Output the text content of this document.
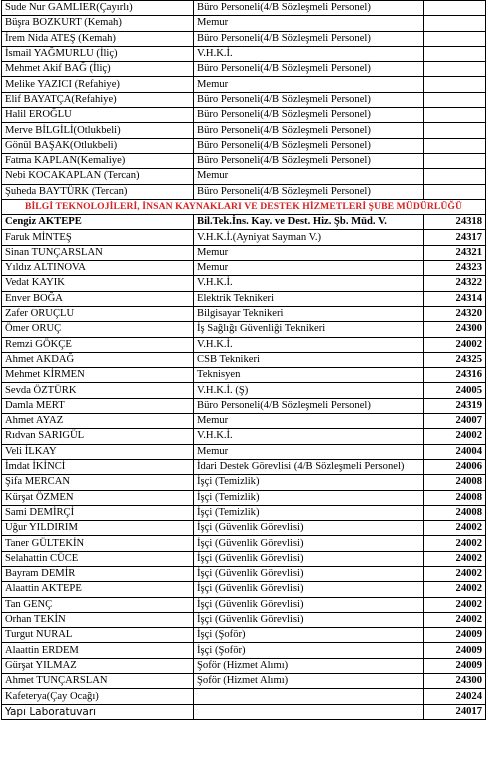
Sude Nur GAMLIER(Çayırlı)	Büro Personeli(4/B Sözleşmeli Personel)	
Büşra BOZKURT (Kemah)	Memur	
İrem Nida ATEŞ (Kemah)	Büro Personeli(4/B Sözleşmeli Personel)	
İsmail YAĞMURLU (İliç)	V.H.K.İ.	
Mehmet Akif BAĞ (İliç)	Büro Personeli(4/B Sözleşmeli Personel)	
Melike YAZICI (Refahiye)	Memur	
Elif BAYATÇA(Refahiye)	Büro Personeli(4/B Sözleşmeli Personel)	
Halil EROĞLU	Büro Personeli(4/B Sözleşmeli Personel)	
Merve BİLGİLİ(Otlukbeli)	Büro Personeli(4/B Sözleşmeli Personel)	
Gönül BAŞAK(Otlukbeli)	Büro Personeli(4/B Sözleşmeli Personel)	
Fatma KAPLAN(Kemaliye)	Büro Personeli(4/B Sözleşmeli Personel)	
Nebi KOCAKAPLAN (Tercan)	Memur	
Şuheda BAYTÜRK (Tercan)	Büro Personeli(4/B Sözleşmeli Personel)	
BİLGİ TEKNOLOJİLERİ, İNSAN KAYNAKLARI VE DESTEK HİZMETLERİ ŞUBE MÜDÜRLÜĞÜ		
Cengiz AKTEPE	Bil.Tek.İns. Kay. ve Dest. Hiz. Şb. Müd. V.	24318
Faruk MİNTEŞ	V.H.K.İ.(Ayniyat Sayman V.)	24317
Sinan TUNÇARSLAN	Memur	24321
Yıldız ALTINOVA	Memur	24323
Vedat KAYIK	V.H.K.İ.	24322
Enver BOĞA	Elektrik Teknikeri	24314
Zafer ORUÇLU	Bilgisayar Teknikeri	24320
Ömer ORUÇ	İş Sağlığı Güvenliği Teknikeri	24300
Remzi GÖKÇE	V.H.K.İ.	24002
Ahmet AKDAĞ	CSB Teknikeri	24325
Mehmet KİRMEN	Teknisyen	24316
Sevda ÖZTÜRK	V.H.K.İ. (Ş)	24005
Damla MERT	Büro Personeli(4/B Sözleşmeli Personel)	24319
Ahmet AYAZ	Memur	24007
Rıdvan SARIGÜL	V.H.K.İ.	24002
Veli İLKAY	Memur	24004
İmdat İKİNCİ	İdari Destek Görevlisi (4/B Sözleşmeli Personel)	24006
Şifa MERCAN	İşçi (Temizlik)	24008
Kürşat ÖZMEN	İşçi (Temizlik)	24008
Sami DEMİRÇİ	İşçi (Temizlik)	24008
Uğur YILDIRIM	İşçi (Güvenlik Görevlisi)	24002
Taner GÜLTEKİN	İşçi (Güvenlik Görevlisi)	24002
Selahattin CÜCE	İşçi (Güvenlik Görevlisi)	24002
Bayram DEMİR	İşçi (Güvenlik Görevlisi)	24002
Alaattin AKTEPE	İşçi (Güvenlik Görevlisi)	24002
Tan GENÇ	İşçi (Güvenlik Görevlisi)	24002
Orhan TEKİN	İşçi (Güvenlik Görevlisi)	24002
Turgut NURAL	İşçi (Şoför)	24009
Alaattin ERDEM	İşçi (Şoför)	24009
Gürşat YILMAZ	Şoför (Hizmet Alımı)	24009
Ahmet TUNÇARSLAN	Şoför (Hizmet Alımı)	24300
Kafeterya(Çay Ocağı)		24024
Yapı Laboratuvarı		24017
